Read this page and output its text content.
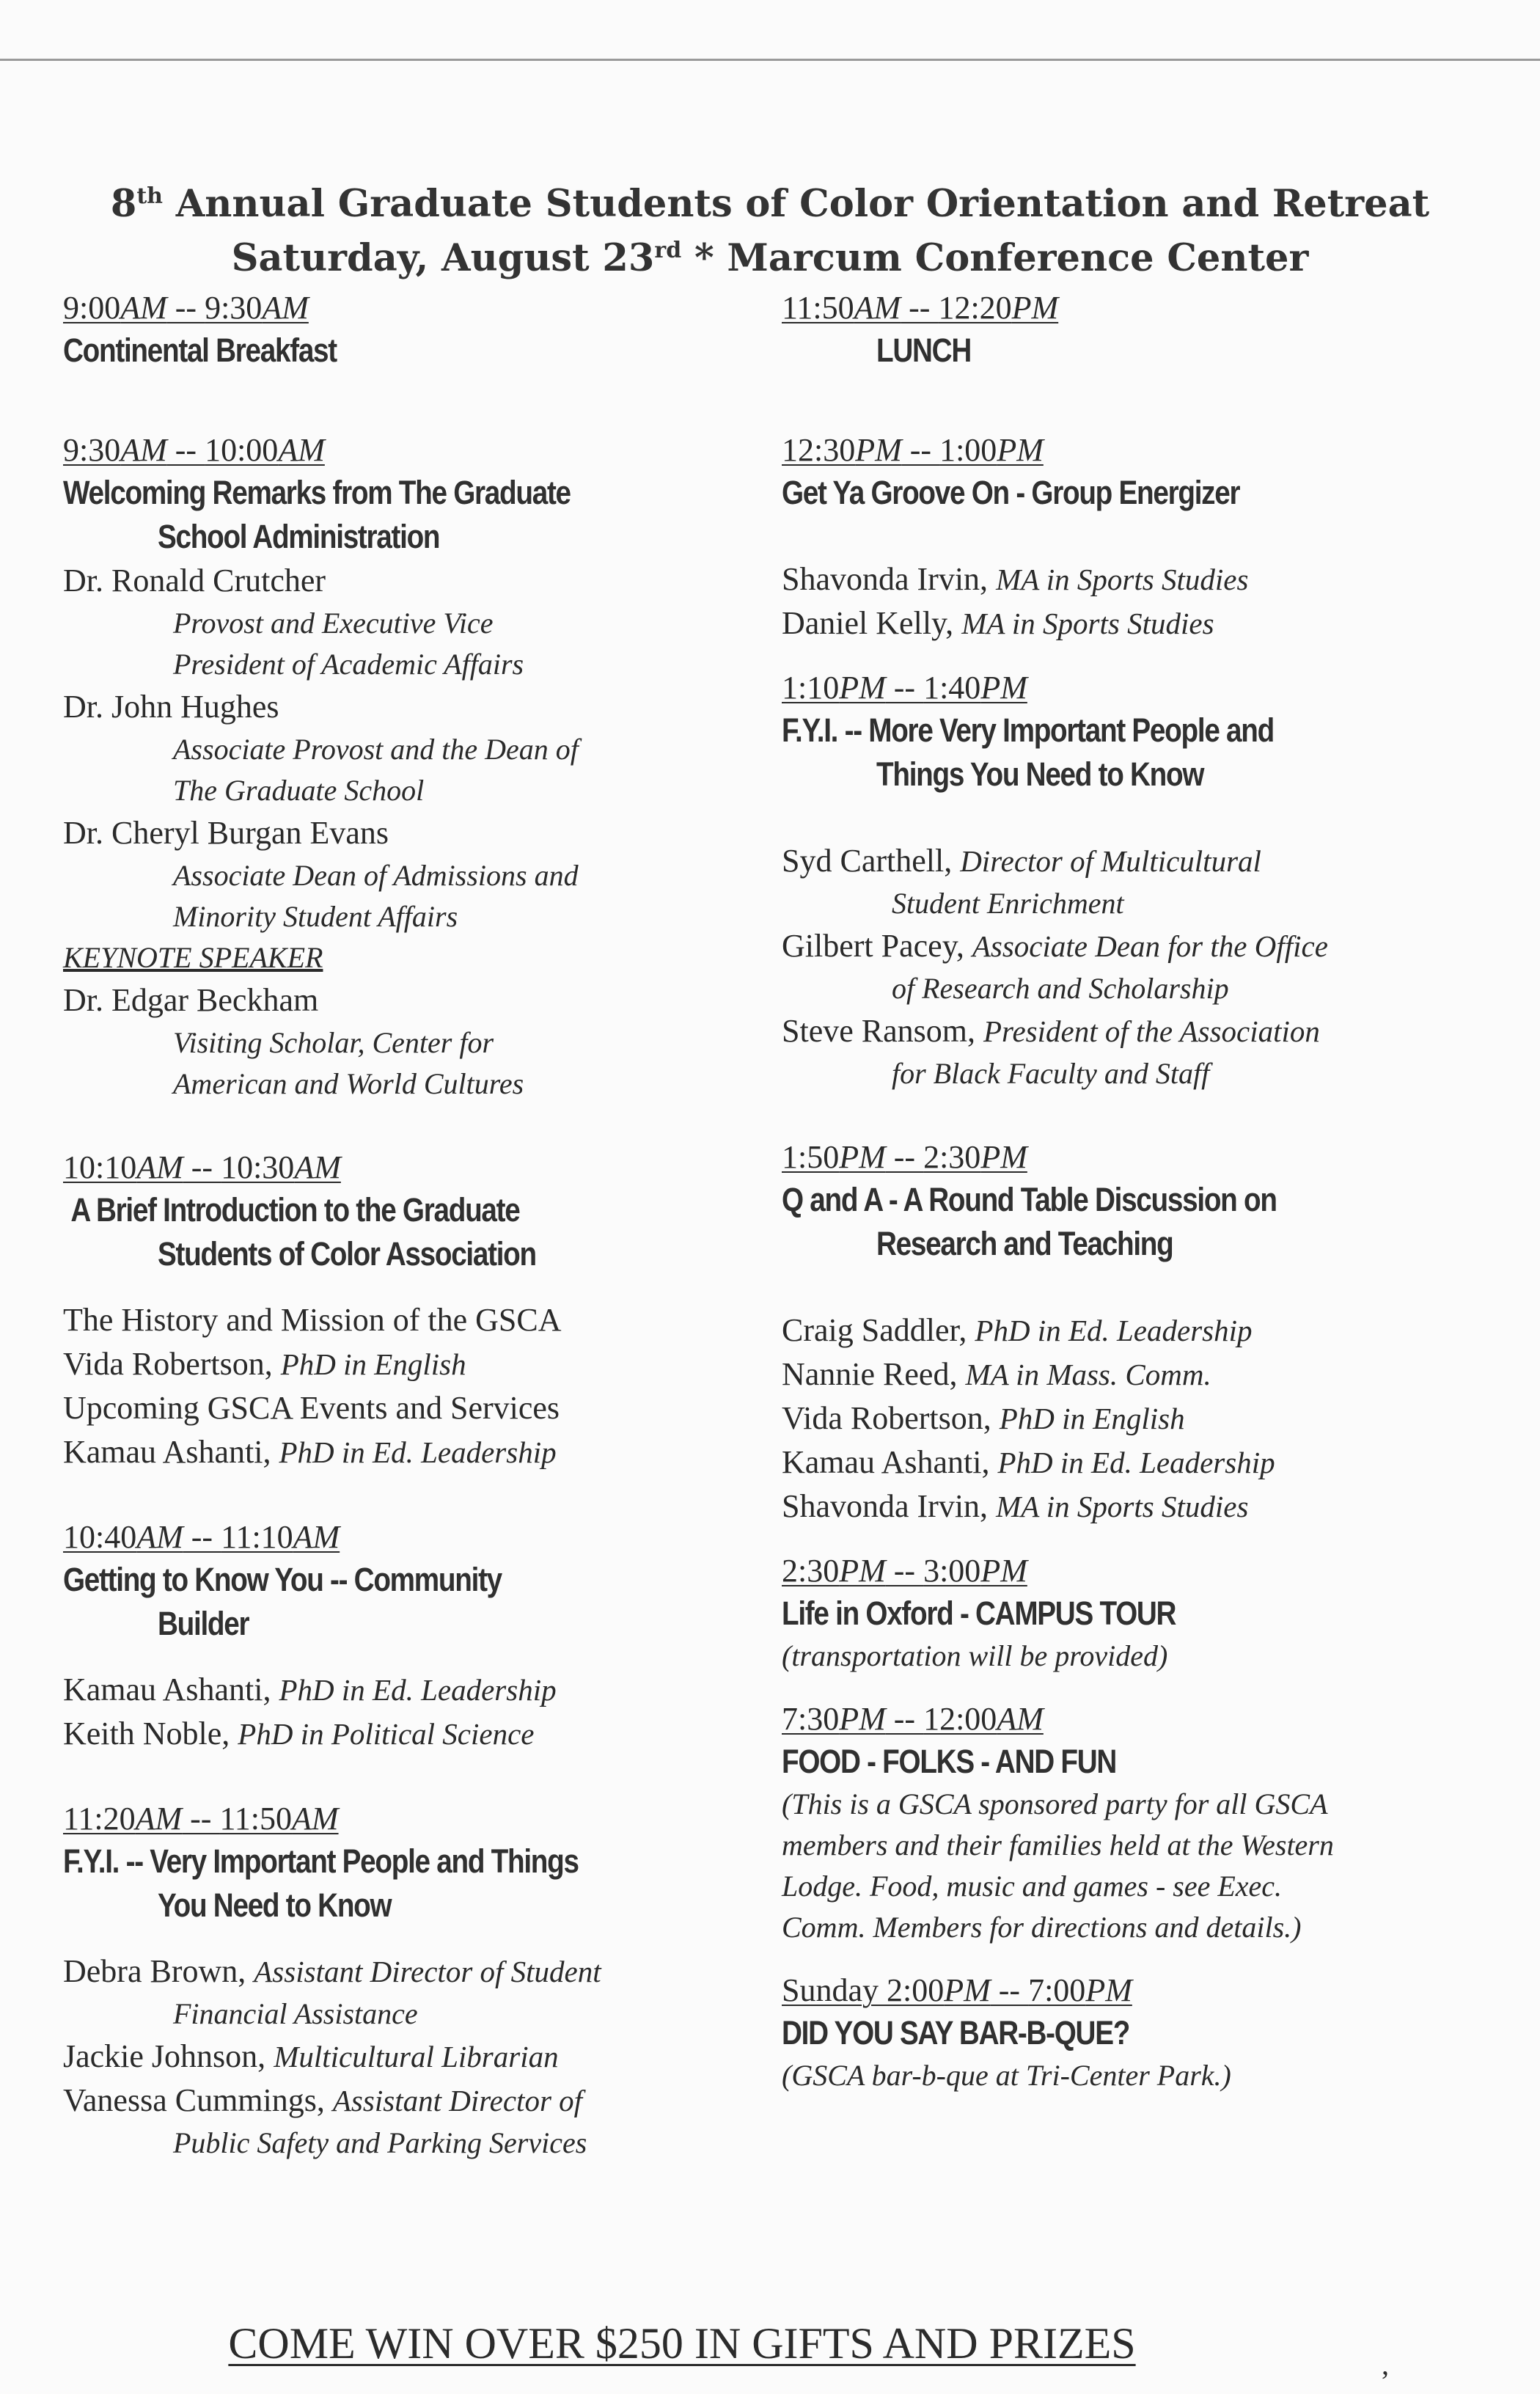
8th Annual Graduate Students of Color Orientation and Retreat
Saturday, August 23rd * Marcum Conference Center
9:00AM -- 9:30AM
Continental Breakfast
9:30AM -- 10:00AM
Welcoming Remarks from The Graduate
School Administration
Dr. Ronald Crutcher
Provost and Executive Vice
President of Academic Affairs
Dr. John Hughes
Associate Provost and the Dean of
The Graduate School
Dr. Cheryl Burgan Evans
Associate Dean of Admissions and
Minority Student Affairs
KEYNOTE SPEAKER
Dr. Edgar Beckham
Visiting Scholar, Center for
American and World Cultures
10:10AM -- 10:30AM
A Brief Introduction to the Graduate
Students of Color Association
The History and Mission of the GSCA
Vida Robertson, PhD in English
Upcoming GSCA Events and Services
Kamau Ashanti, PhD in Ed. Leadership
10:40AM -- 11:10AM
Getting to Know You -- Community
Builder
Kamau Ashanti, PhD in Ed. Leadership
Keith Noble, PhD in Political Science
11:20AM -- 11:50AM
F.Y.I. -- Very Important People and Things
You Need to Know
Debra Brown, Assistant Director of Student
Financial Assistance
Jackie Johnson, Multicultural Librarian
Vanessa Cummings, Assistant Director of
Public Safety and Parking Services
11:50AM -- 12:20PM
LUNCH
12:30PM -- 1:00PM
Get Ya Groove On - Group Energizer
Shavonda Irvin, MA in Sports Studies
Daniel Kelly, MA in Sports Studies
1:10PM -- 1:40PM
F.Y.I. -- More Very Important People and
Things You Need to Know
Syd Carthell, Director of Multicultural
Student Enrichment
Gilbert Pacey, Associate Dean for the Office
of Research and Scholarship
Steve Ransom, President of the Association
for Black Faculty and Staff
1:50PM -- 2:30PM
Q and A - A Round Table Discussion on
Research and Teaching
Craig Saddler, PhD in Ed. Leadership
Nannie Reed, MA in Mass. Comm.
Vida Robertson, PhD in English
Kamau Ashanti, PhD in Ed. Leadership
Shavonda Irvin, MA in Sports Studies
2:30PM -- 3:00PM
Life in Oxford - CAMPUS TOUR
(transportation will be provided)
7:30PM -- 12:00AM
FOOD - FOLKS - AND FUN
(This is a GSCA sponsored party for all GSCA
members and their families held at the Western
Lodge. Food, music and games - see Exec.
Comm. Members for directions and details.)
Sunday 2:00PM -- 7:00PM
DID YOU SAY BAR-B-QUE?
(GSCA bar-b-que at Tri-Center Park.)
COME WIN OVER $250 IN GIFTS AND PRIZES	,
